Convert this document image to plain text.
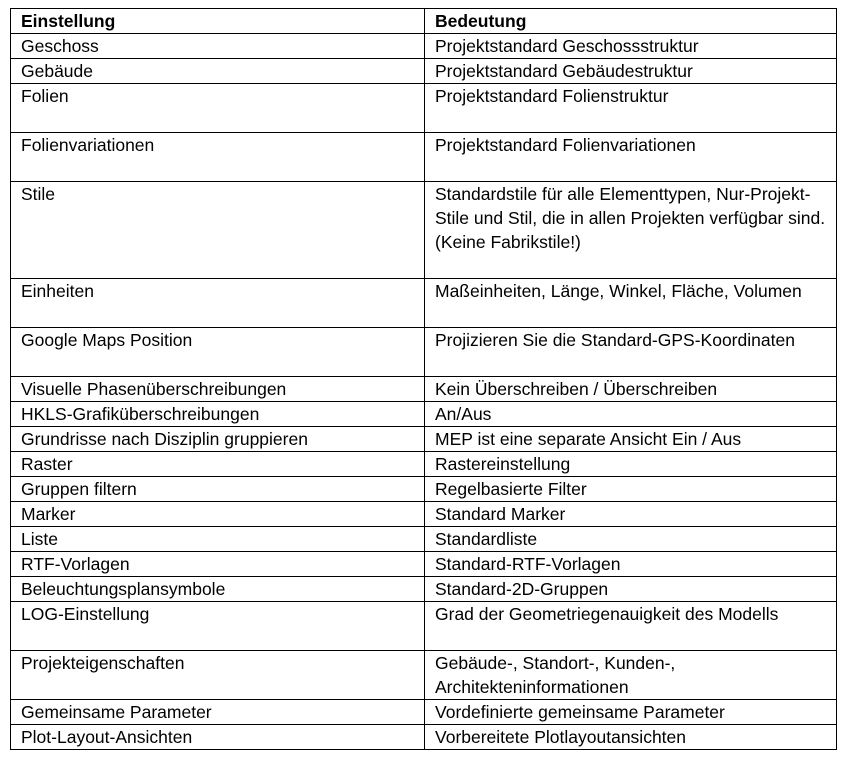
Einstellung	Bedeutung
Geschoss	Projektstandard Geschossstruktur
Gebäude	Projektstandard Gebäudestruktur
Folien	Projektstandard Folienstruktur
Folienvariationen	Projektstandard Folienvariationen
Stile	Standardstile für alle Elementtypen, Nur-Projekt-Stile und Stil, die in allen Projekten verfügbar sind. (Keine Fabrikstile!)
Einheiten	Maßeinheiten, Länge, Winkel, Fläche, Volumen
Google Maps Position	Projizieren Sie die Standard-GPS-Koordinaten
Visuelle Phasenüberschreibungen	Kein Überschreiben / Überschreiben
HKLS-Grafiküberschreibungen	An/Aus
Grundrisse nach Disziplin gruppieren	MEP ist eine separate Ansicht Ein / Aus
Raster	Rastereinstellung
Gruppen filtern	Regelbasierte Filter
Marker	Standard Marker
Liste	Standardliste
RTF-Vorlagen	Standard-RTF-Vorlagen
Beleuchtungsplansymbole	Standard-2D-Gruppen
LOG-Einstellung	Grad der Geometriegenauigkeit des Modells
Projekteigenschaften	Gebäude-, Standort-, Kunden-, Architekteninformationen
Gemeinsame Parameter	Vordefinierte gemeinsame Parameter
Plot-Layout-Ansichten	Vorbereitete Plotlayoutansichten
